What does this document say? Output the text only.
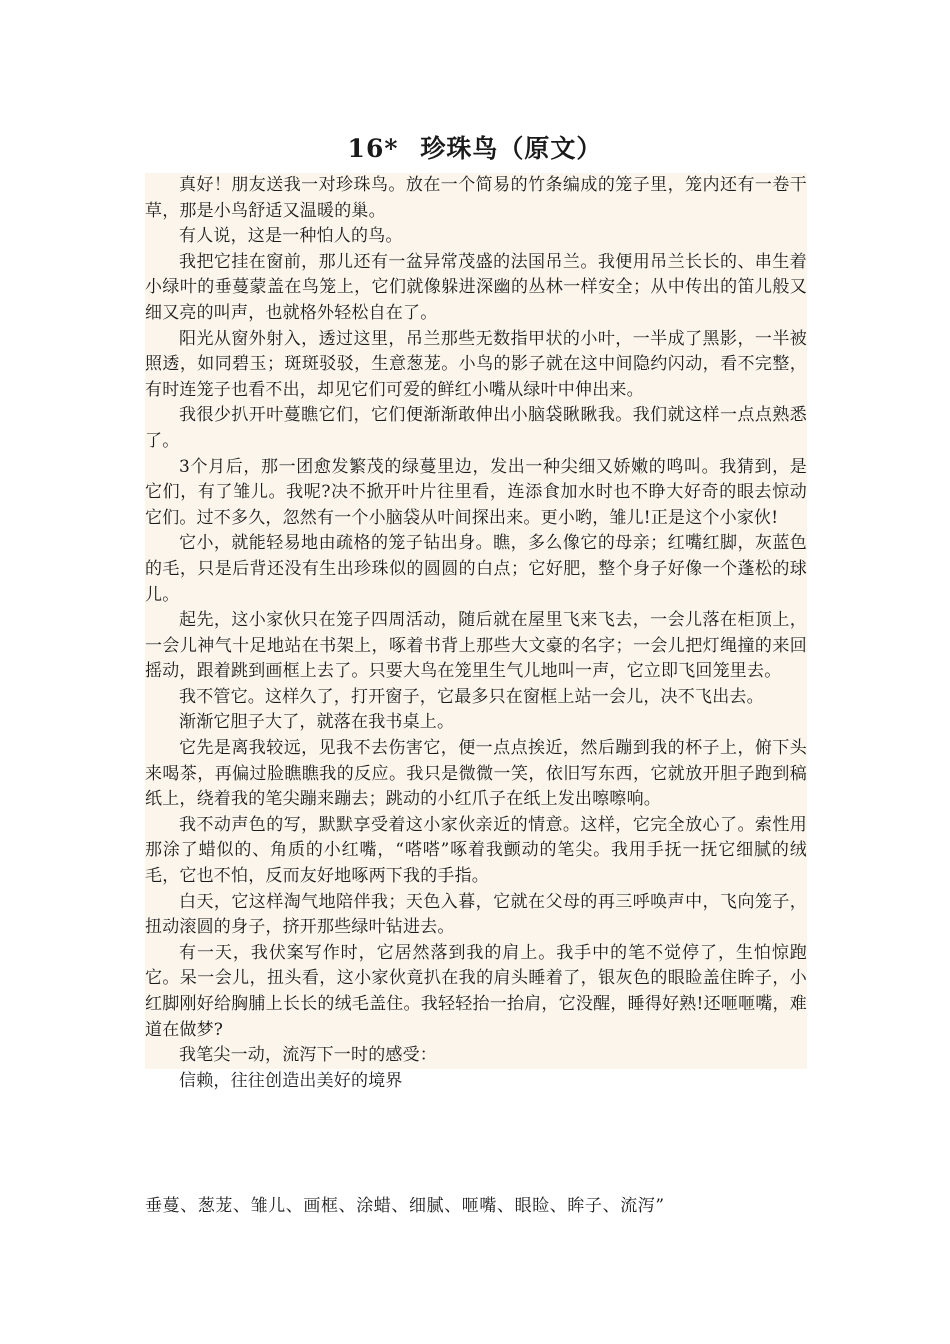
16* 珍珠鸟（原文）

真好！朋友送我一对珍珠鸟。放在一个简易的竹条编成的笼子里，笼内还有一卷干草，那是小鸟舒适又温暖的巢。

有人说，这是一种怕人的鸟。

我把它挂在窗前，那儿还有一盆异常茂盛的法国吊兰。我便用吊兰长长的、串生着小绿叶的垂蔓蒙盖在鸟笼上，它们就像躲进深幽的丛林一样安全；从中传出的笛儿般又细又亮的叫声，也就格外轻松自在了。

阳光从窗外射入，透过这里，吊兰那些无数指甲状的小叶，一半成了黑影，一半被照透，如同碧玉；斑斑驳驳，生意葱茏。小鸟的影子就在这中间隐约闪动，看不完整，有时连笼子也看不出，却见它们可爱的鲜红小嘴从绿叶中伸出来。

我很少扒开叶蔓瞧它们，它们便渐渐敢伸出小脑袋瞅瞅我。我们就这样一点点熟悉了。

3个月后，那一团愈发繁茂的绿蔓里边，发出一种尖细又娇嫩的鸣叫。我猜到，是它们，有了雏儿。我呢?决不掀开叶片往里看，连添食加水时也不睁大好奇的眼去惊动它们。过不多久，忽然有一个小脑袋从叶间探出来。更小哟，雏儿!正是这个小家伙!

它小，就能轻易地由疏格的笼子钻出身。瞧，多么像它的母亲；红嘴红脚，灰蓝色的毛，只是后背还没有生出珍珠似的圆圆的白点；它好肥，整个身子好像一个蓬松的球儿。

起先，这小家伙只在笼子四周活动，随后就在屋里飞来飞去，一会儿落在柜顶上，一会儿神气十足地站在书架上，啄着书背上那些大文豪的名字；一会儿把灯绳撞的来回摇动，跟着跳到画框上去了。只要大鸟在笼里生气儿地叫一声，它立即飞回笼里去。

我不管它。这样久了，打开窗子，它最多只在窗框上站一会儿，决不飞出去。

渐渐它胆子大了，就落在我书桌上。

它先是离我较远，见我不去伤害它，便一点点挨近，然后蹦到我的杯子上，俯下头来喝茶，再偏过脸瞧瞧我的反应。我只是微微一笑，依旧写东西，它就放开胆子跑到稿纸上，绕着我的笔尖蹦来蹦去；跳动的小红爪子在纸上发出嚓嚓响。

我不动声色的写，默默享受着这小家伙亲近的情意。这样，它完全放心了。索性用那涂了蜡似的、角质的小红嘴，“嗒嗒”啄着我颤动的笔尖。我用手抚一抚它细腻的绒毛，它也不怕，反而友好地啄两下我的手指。

白天，它这样淘气地陪伴我；天色入暮，它就在父母的再三呼唤声中，飞向笼子，扭动滚圆的身子，挤开那些绿叶钻进去。

有一天，我伏案写作时，它居然落到我的肩上。我手中的笔不觉停了，生怕惊跑它。呆一会儿，扭头看，这小家伙竟扒在我的肩头睡着了，银灰色的眼睑盖住眸子，小红脚刚好给胸脯上长长的绒毛盖住。我轻轻抬一抬肩，它没醒，睡得好熟!还咂咂嘴，难道在做梦?

我笔尖一动，流泻下一时的感受：

信赖，往往创造出美好的境界

垂蔓、葱茏、雏儿、画框、涂蜡、细腻、咂嘴、眼睑、眸子、流泻”
